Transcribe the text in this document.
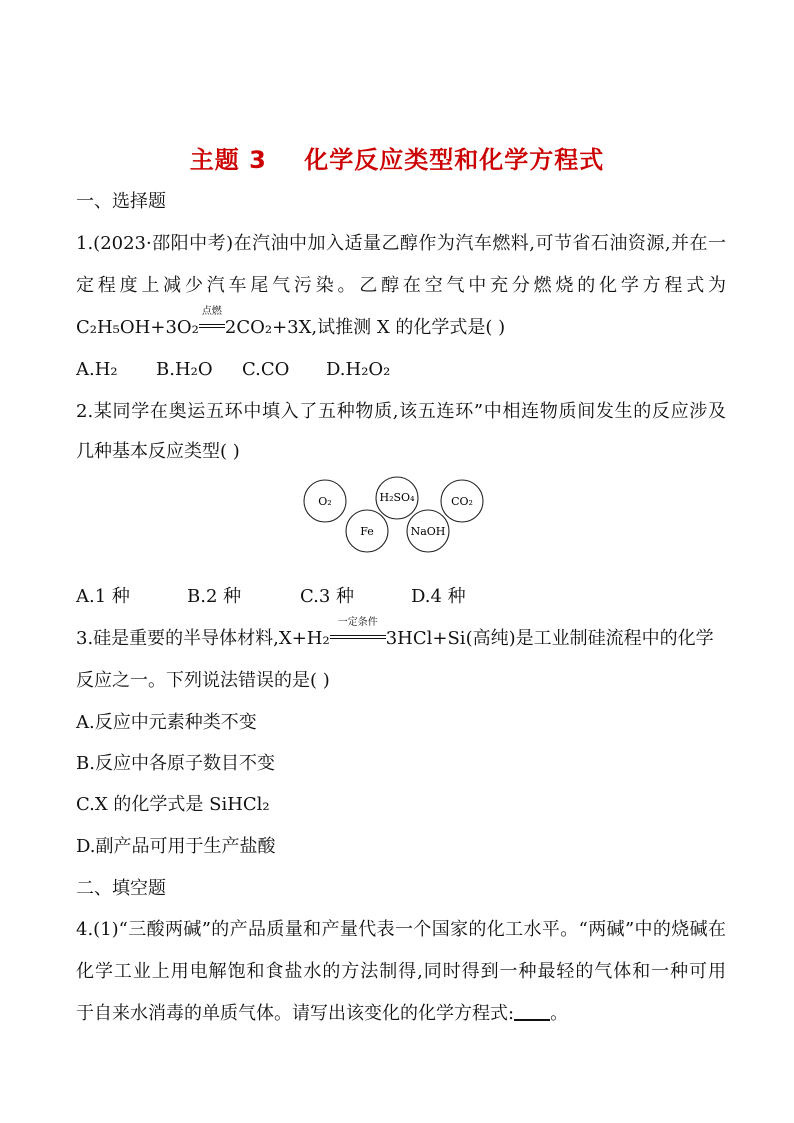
主题 3    化学反应类型和化学方程式
一、选择题
1.(2023·邵阳中考)在汽油中加入适量乙醇作为汽车燃料,可节省石油资源,并在一
定程度上减少汽车尾气污染。乙醇在空气中充分燃烧的化学方程式为
C₂H₅OH+3O₂
点燃
2CO₂+3X,试推测 X 的化学式是( )
A.H₂ B.H₂O C.CO D.H₂O₂
2.某同学在奥运五环中填入了五种物质,该五连环”中相连物质间发生的反应涉及
几种基本反应类型( )
O₂	H₂SO₄	CO₂
Fe	NaOH
A.1 种	B.2 种	C.3 种	D.4 种
3.硅是重要的半导体材料,X+H₂
一定条件
3HCl+Si(高纯)是工业制硅流程中的化学
反应之一。下列说法错误的是( )
A.反应中元素种类不变
B.反应中各原子数目不变
C.X 的化学式是 SiHCl₂
D.副产品可用于生产盐酸
二、填空题
4.(1)“三酸两碱”的产品质量和产量代表一个国家的化工水平。“两碱”中的烧碱在
化学工业上用电解饱和食盐水的方法制得,同时得到一种最轻的气体和一种可用
于自来水消毒的单质气体。请写出该变化的化学方程式: 。
